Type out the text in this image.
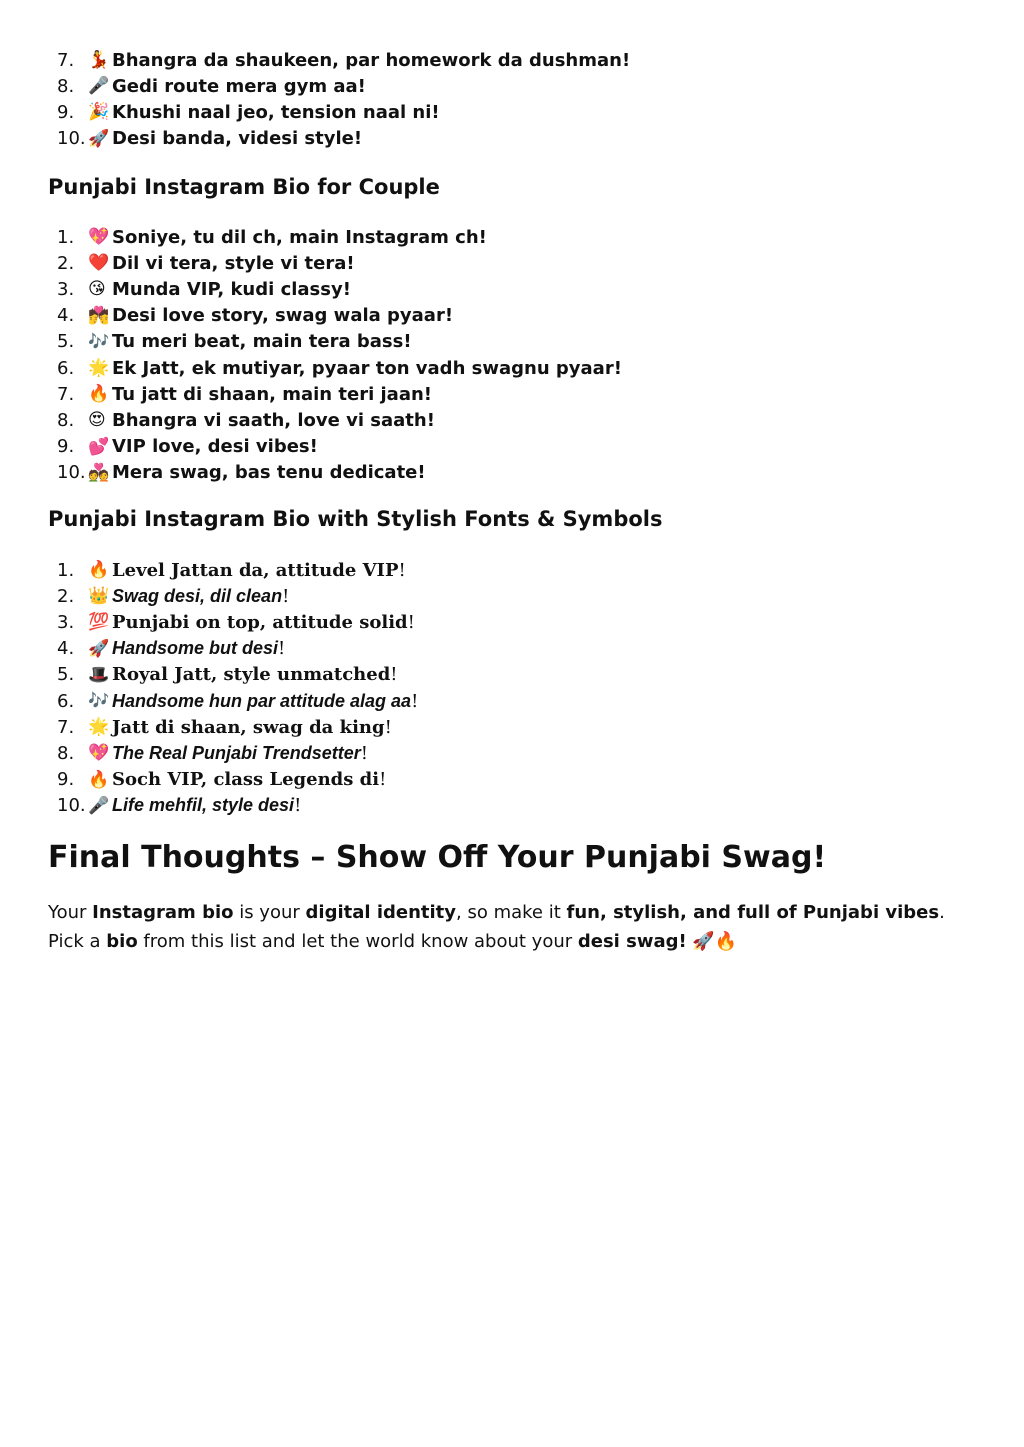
7. 💃 Bhangra da shaukeen, par homework da dushman!
8. 🎤 Gedi route mera gym aa!
9. 🎉 Khushi naal jeo, tension naal ni!
10. 🚀 Desi banda, videsi style!
Punjabi Instagram Bio for Couple
1. 💖 Soniye, tu dil ch, main Instagram ch!
2. ❤️ Dil vi tera, style vi tera!
3. 😘 Munda VIP, kudi classy!
4. 💏 Desi love story, swag wala pyaar!
5. 🎶 Tu meri beat, main tera bass!
6. 🌟 Ek Jatt, ek mutiyar, pyaar ton vadh swagnu pyaar!
7. 🔥 Tu jatt di shaan, main teri jaan!
8. 😍 Bhangra vi saath, love vi saath!
9. 💕 VIP love, desi vibes!
10. 💑 Mera swag, bas tenu dedicate!
Punjabi Instagram Bio with Stylish Fonts & Symbols
1. 🔥 Level Jattan da, attitude VIP !
2. 👑 Swag desi, dil clean !
3. 💯 Punjabi on top, attitude solid !
4. 🚀 Handsome but desi !
5. 🎩 Royal Jatt, style unmatched !
6. 🎶 Handsome hun par attitude alag aa !
7. 🌟 Jatt di shaan, swag da king !
8. 💖 The Real Punjabi Trendsetter !
9. 🔥 Soch VIP, class Legends di !
10. 🎤 Life mehfil, style desi !
Final Thoughts – Show Off Your Punjabi Swag!

Your Instagram bio is your digital identity, so make it fun, stylish, and full of Punjabi vibes. Pick a bio from this list and let the world know about your desi swag! 🚀🔥
